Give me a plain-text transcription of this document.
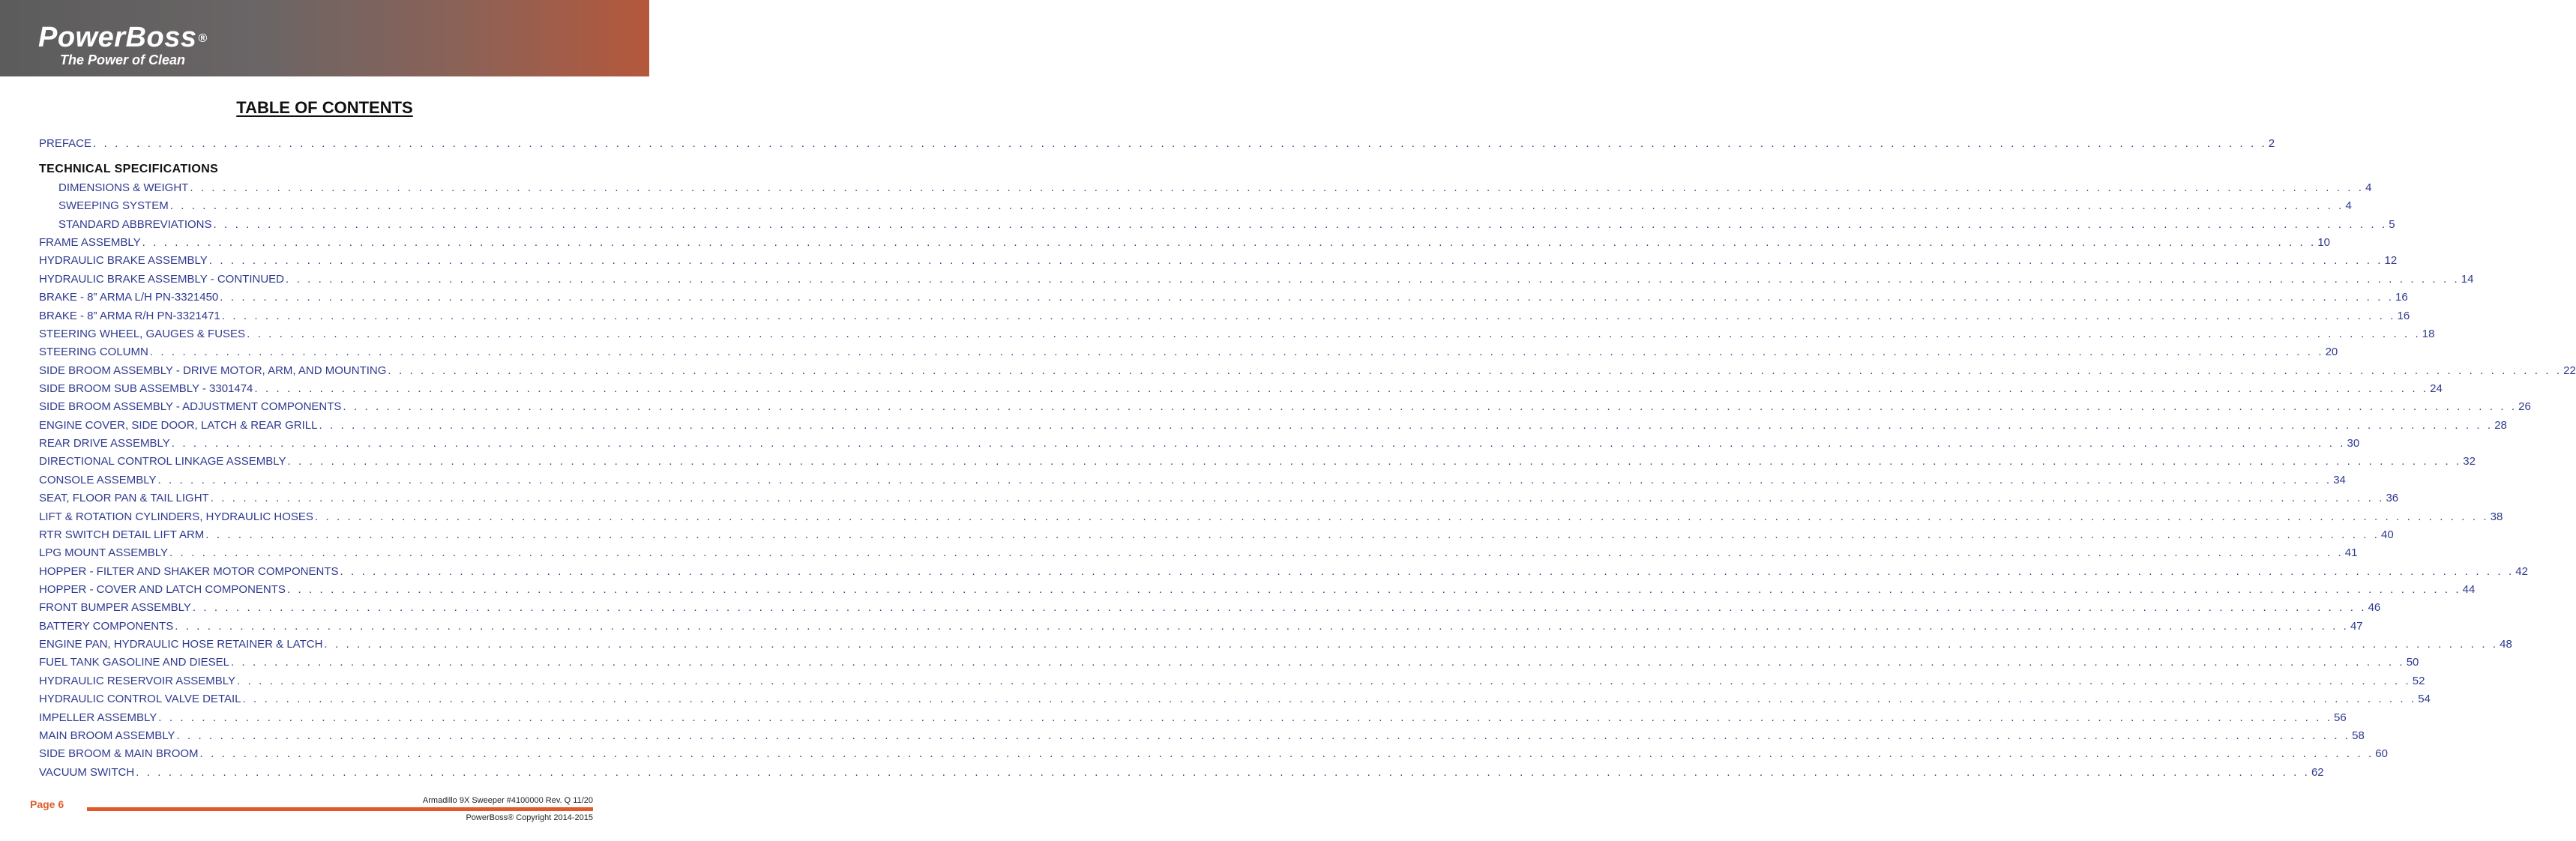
PowerBoss ®
The Power of Clean
TABLE OF CONTENTS
TECHNICAL SPECIFICATIONS
PREFACE . . . . . . . . . . . . . . . . . . . . . . . . . . . . . . . . . . . . . . . . . . . . . . . . . . . . . . . . . . . . . . . . . . . . . . . . . . . . . . . . . . . . . . . . . . . . . . . . . . . . . . . . . . . . . . . . . . . . . . . . . . . . . . . . . . . . . . . . . . . . . . . . . . . . . . . . . . . . . . . . . . . . . . . . . . . . . . . . . . . . . . . . . . . . . . . . . . . . . . . . 2
DIMENSIONS & WEIGHT . . . . . . . . . . . . . . . . . . . . . . . . . . . . . . . . . . . . . . . . . . . . . . . . . . . . . . . . . . . . . . . . . . . . . . . . . . . . . . . . . . . . . . . . . . . . . . . . . . . . . . . . . . . . . . . . . . . . . . . . . . . . . . . . . . . . . . . . . . . . . . . . . . . . . . . . . . . . . . . . . . . . . . . . . . . . . . . . . . . . . . . . . . . . . . . . . . . . . . . . 4
SWEEPING SYSTEM . . . . . . . . . . . . . . . . . . . . . . . . . . . . . . . . . . . . . . . . . . . . . . . . . . . . . . . . . . . . . . . . . . . . . . . . . . . . . . . . . . . . . . . . . . . . . . . . . . . . . . . . . . . . . . . . . . . . . . . . . . . . . . . . . . . . . . . . . . . . . . . . . . . . . . . . . . . . . . . . . . . . . . . . . . . . . . . . . . . . . . . . . . . . . . . . . . . . . . . . 4
STANDARD ABBREVIATIONS . . . . . . . . . . . . . . . . . . . . . . . . . . . . . . . . . . . . . . . . . . . . . . . . . . . . . . . . . . . . . . . . . . . . . . . . . . . . . . . . . . . . . . . . . . . . . . . . . . . . . . . . . . . . . . . . . . . . . . . . . . . . . . . . . . . . . . . . . . . . . . . . . . . . . . . . . . . . . . . . . . . . . . . . . . . . . . . . . . . . . . . . . . . . . . . . . . . . . . . . 5
FRAME ASSEMBLY . . . . . . . . . . . . . . . . . . . . . . . . . . . . . . . . . . . . . . . . . . . . . . . . . . . . . . . . . . . . . . . . . . . . . . . . . . . . . . . . . . . . . . . . . . . . . . . . . . . . . . . . . . . . . . . . . . . . . . . . . . . . . . . . . . . . . . . . . . . . . . . . . . . . . . . . . . . . . . . . . . . . . . . . . . . . . . . . . . . . . . . . . . . . . . . . . . . . . . . . 10
HYDRAULIC BRAKE ASSEMBLY . . . . . . . . . . . . . . . . . . . . . . . . . . . . . . . . . . . . . . . . . . . . . . . . . . . . . . . . . . . . . . . . . . . . . . . . . . . . . . . . . . . . . . . . . . . . . . . . . . . . . . . . . . . . . . . . . . . . . . . . . . . . . . . . . . . . . . . . . . . . . . . . . . . . . . . . . . . . . . . . . . . . . . . . . . . . . . . . . . . . . . . . . . . . . . . . . . . . . . . . 12
HYDRAULIC BRAKE ASSEMBLY - CONTINUED . . . . . . . . . . . . . . . . . . . . . . . . . . . . . . . . . . . . . . . . . . . . . . . . . . . . . . . . . . . . . . . . . . . . . . . . . . . . . . . . . . . . . . . . . . . . . . . . . . . . . . . . . . . . . . . . . . . . . . . . . . . . . . . . . . . . . . . . . . . . . . . . . . . . . . . . . . . . . . . . . . . . . . . . . . . . . . . . . . . . . . . . . . . . . . . . . . . . . . . . 14
BRAKE - 8” ARMA L/H PN-3321450 . . . . . . . . . . . . . . . . . . . . . . . . . . . . . . . . . . . . . . . . . . . . . . . . . . . . . . . . . . . . . . . . . . . . . . . . . . . . . . . . . . . . . . . . . . . . . . . . . . . . . . . . . . . . . . . . . . . . . . . . . . . . . . . . . . . . . . . . . . . . . . . . . . . . . . . . . . . . . . . . . . . . . . . . . . . . . . . . . . . . . . . . . . . . . . . . . . . . . . . . 16
BRAKE - 8” ARMA R/H PN-3321471 . . . . . . . . . . . . . . . . . . . . . . . . . . . . . . . . . . . . . . . . . . . . . . . . . . . . . . . . . . . . . . . . . . . . . . . . . . . . . . . . . . . . . . . . . . . . . . . . . . . . . . . . . . . . . . . . . . . . . . . . . . . . . . . . . . . . . . . . . . . . . . . . . . . . . . . . . . . . . . . . . . . . . . . . . . . . . . . . . . . . . . . . . . . . . . . . . . . . . . . . 16
STEERING WHEEL, GAUGES & FUSES . . . . . . . . . . . . . . . . . . . . . . . . . . . . . . . . . . . . . . . . . . . . . . . . . . . . . . . . . . . . . . . . . . . . . . . . . . . . . . . . . . . . . . . . . . . . . . . . . . . . . . . . . . . . . . . . . . . . . . . . . . . . . . . . . . . . . . . . . . . . . . . . . . . . . . . . . . . . . . . . . . . . . . . . . . . . . . . . . . . . . . . . . . . . . . . . . . . . . . . . 18
STEERING COLUMN . . . . . . . . . . . . . . . . . . . . . . . . . . . . . . . . . . . . . . . . . . . . . . . . . . . . . . . . . . . . . . . . . . . . . . . . . . . . . . . . . . . . . . . . . . . . . . . . . . . . . . . . . . . . . . . . . . . . . . . . . . . . . . . . . . . . . . . . . . . . . . . . . . . . . . . . . . . . . . . . . . . . . . . . . . . . . . . . . . . . . . . . . . . . . . . . . . . . . . . . 20
SIDE BROOM ASSEMBLY - DRIVE MOTOR, ARM, AND MOUNTING . . . . . . . . . . . . . . . . . . . . . . . . . . . . . . . . . . . . . . . . . . . . . . . . . . . . . . . . . . . . . . . . . . . . . . . . . . . . . . . . . . . . . . . . . . . . . . . . . . . . . . . . . . . . . . . . . . . . . . . . . . . . . . . . . . . . . . . . . . . . . . . . . . . . . . . . . . . . . . . . . . . . . . . . . . . . . . . . . . . . . . . . . . . . . . . . . . . . . . . . 22
SIDE BROOM SUB ASSEMBLY - 3301474 . . . . . . . . . . . . . . . . . . . . . . . . . . . . . . . . . . . . . . . . . . . . . . . . . . . . . . . . . . . . . . . . . . . . . . . . . . . . . . . . . . . . . . . . . . . . . . . . . . . . . . . . . . . . . . . . . . . . . . . . . . . . . . . . . . . . . . . . . . . . . . . . . . . . . . . . . . . . . . . . . . . . . . . . . . . . . . . . . . . . . . . . . . . . . . . . . . . . . . . . 24
SIDE BROOM ASSEMBLY - ADJUSTMENT COMPONENTS . . . . . . . . . . . . . . . . . . . . . . . . . . . . . . . . . . . . . . . . . . . . . . . . . . . . . . . . . . . . . . . . . . . . . . . . . . . . . . . . . . . . . . . . . . . . . . . . . . . . . . . . . . . . . . . . . . . . . . . . . . . . . . . . . . . . . . . . . . . . . . . . . . . . . . . . . . . . . . . . . . . . . . . . . . . . . . . . . . . . . . . . . . . . . . . . . . . . . . . . 26
ENGINE COVER, SIDE DOOR, LATCH & REAR GRILL . . . . . . . . . . . . . . . . . . . . . . . . . . . . . . . . . . . . . . . . . . . . . . . . . . . . . . . . . . . . . . . . . . . . . . . . . . . . . . . . . . . . . . . . . . . . . . . . . . . . . . . . . . . . . . . . . . . . . . . . . . . . . . . . . . . . . . . . . . . . . . . . . . . . . . . . . . . . . . . . . . . . . . . . . . . . . . . . . . . . . . . . . . . . . . . . . . . . . . . . 28
REAR DRIVE ASSEMBLY . . . . . . . . . . . . . . . . . . . . . . . . . . . . . . . . . . . . . . . . . . . . . . . . . . . . . . . . . . . . . . . . . . . . . . . . . . . . . . . . . . . . . . . . . . . . . . . . . . . . . . . . . . . . . . . . . . . . . . . . . . . . . . . . . . . . . . . . . . . . . . . . . . . . . . . . . . . . . . . . . . . . . . . . . . . . . . . . . . . . . . . . . . . . . . . . . . . . . . . . 30
DIRECTIONAL CONTROL LINKAGE ASSEMBLY . . . . . . . . . . . . . . . . . . . . . . . . . . . . . . . . . . . . . . . . . . . . . . . . . . . . . . . . . . . . . . . . . . . . . . . . . . . . . . . . . . . . . . . . . . . . . . . . . . . . . . . . . . . . . . . . . . . . . . . . . . . . . . . . . . . . . . . . . . . . . . . . . . . . . . . . . . . . . . . . . . . . . . . . . . . . . . . . . . . . . . . . . . . . . . . . . . . . . . . . 32
CONSOLE ASSEMBLY . . . . . . . . . . . . . . . . . . . . . . . . . . . . . . . . . . . . . . . . . . . . . . . . . . . . . . . . . . . . . . . . . . . . . . . . . . . . . . . . . . . . . . . . . . . . . . . . . . . . . . . . . . . . . . . . . . . . . . . . . . . . . . . . . . . . . . . . . . . . . . . . . . . . . . . . . . . . . . . . . . . . . . . . . . . . . . . . . . . . . . . . . . . . . . . . . . . . . . . . 34
SEAT, FLOOR PAN & TAIL LIGHT . . . . . . . . . . . . . . . . . . . . . . . . . . . . . . . . . . . . . . . . . . . . . . . . . . . . . . . . . . . . . . . . . . . . . . . . . . . . . . . . . . . . . . . . . . . . . . . . . . . . . . . . . . . . . . . . . . . . . . . . . . . . . . . . . . . . . . . . . . . . . . . . . . . . . . . . . . . . . . . . . . . . . . . . . . . . . . . . . . . . . . . . . . . . . . . . . . . . . . . . 36
LIFT & ROTATION CYLINDERS, HYDRAULIC HOSES . . . . . . . . . . . . . . . . . . . . . . . . . . . . . . . . . . . . . . . . . . . . . . . . . . . . . . . . . . . . . . . . . . . . . . . . . . . . . . . . . . . . . . . . . . . . . . . . . . . . . . . . . . . . . . . . . . . . . . . . . . . . . . . . . . . . . . . . . . . . . . . . . . . . . . . . . . . . . . . . . . . . . . . . . . . . . . . . . . . . . . . . . . . . . . . . . . . . . . . . 38
RTR SWITCH DETAIL LIFT ARM . . . . . . . . . . . . . . . . . . . . . . . . . . . . . . . . . . . . . . . . . . . . . . . . . . . . . . . . . . . . . . . . . . . . . . . . . . . . . . . . . . . . . . . . . . . . . . . . . . . . . . . . . . . . . . . . . . . . . . . . . . . . . . . . . . . . . . . . . . . . . . . . . . . . . . . . . . . . . . . . . . . . . . . . . . . . . . . . . . . . . . . . . . . . . . . . . . . . . . . . 40
LPG MOUNT ASSEMBLY . . . . . . . . . . . . . . . . . . . . . . . . . . . . . . . . . . . . . . . . . . . . . . . . . . . . . . . . . . . . . . . . . . . . . . . . . . . . . . . . . . . . . . . . . . . . . . . . . . . . . . . . . . . . . . . . . . . . . . . . . . . . . . . . . . . . . . . . . . . . . . . . . . . . . . . . . . . . . . . . . . . . . . . . . . . . . . . . . . . . . . . . . . . . . . . . . . . . . . . . 41
HOPPER - FILTER AND SHAKER MOTOR COMPONENTS . . . . . . . . . . . . . . . . . . . . . . . . . . . . . . . . . . . . . . . . . . . . . . . . . . . . . . . . . . . . . . . . . . . . . . . . . . . . . . . . . . . . . . . . . . . . . . . . . . . . . . . . . . . . . . . . . . . . . . . . . . . . . . . . . . . . . . . . . . . . . . . . . . . . . . . . . . . . . . . . . . . . . . . . . . . . . . . . . . . . . . . . . . . . . . . . . . . . . . . . 42
HOPPER - COVER AND LATCH COMPONENTS . . . . . . . . . . . . . . . . . . . . . . . . . . . . . . . . . . . . . . . . . . . . . . . . . . . . . . . . . . . . . . . . . . . . . . . . . . . . . . . . . . . . . . . . . . . . . . . . . . . . . . . . . . . . . . . . . . . . . . . . . . . . . . . . . . . . . . . . . . . . . . . . . . . . . . . . . . . . . . . . . . . . . . . . . . . . . . . . . . . . . . . . . . . . . . . . . . . . . . . . 44
FRONT BUMPER ASSEMBLY . . . . . . . . . . . . . . . . . . . . . . . . . . . . . . . . . . . . . . . . . . . . . . . . . . . . . . . . . . . . . . . . . . . . . . . . . . . . . . . . . . . . . . . . . . . . . . . . . . . . . . . . . . . . . . . . . . . . . . . . . . . . . . . . . . . . . . . . . . . . . . . . . . . . . . . . . . . . . . . . . . . . . . . . . . . . . . . . . . . . . . . . . . . . . . . . . . . . . . . . 46
BATTERY COMPONENTS . . . . . . . . . . . . . . . . . . . . . . . . . . . . . . . . . . . . . . . . . . . . . . . . . . . . . . . . . . . . . . . . . . . . . . . . . . . . . . . . . . . . . . . . . . . . . . . . . . . . . . . . . . . . . . . . . . . . . . . . . . . . . . . . . . . . . . . . . . . . . . . . . . . . . . . . . . . . . . . . . . . . . . . . . . . . . . . . . . . . . . . . . . . . . . . . . . . . . . . . 47
ENGINE PAN, HYDRAULIC HOSE RETAINER & LATCH . . . . . . . . . . . . . . . . . . . . . . . . . . . . . . . . . . . . . . . . . . . . . . . . . . . . . . . . . . . . . . . . . . . . . . . . . . . . . . . . . . . . . . . . . . . . . . . . . . . . . . . . . . . . . . . . . . . . . . . . . . . . . . . . . . . . . . . . . . . . . . . . . . . . . . . . . . . . . . . . . . . . . . . . . . . . . . . . . . . . . . . . . . . . . . . . . . . . . . . . 48
FUEL TANK GASOLINE AND DIESEL . . . . . . . . . . . . . . . . . . . . . . . . . . . . . . . . . . . . . . . . . . . . . . . . . . . . . . . . . . . . . . . . . . . . . . . . . . . . . . . . . . . . . . . . . . . . . . . . . . . . . . . . . . . . . . . . . . . . . . . . . . . . . . . . . . . . . . . . . . . . . . . . . . . . . . . . . . . . . . . . . . . . . . . . . . . . . . . . . . . . . . . . . . . . . . . . . . . . . . . . 50
HYDRAULIC RESERVOIR ASSEMBLY . . . . . . . . . . . . . . . . . . . . . . . . . . . . . . . . . . . . . . . . . . . . . . . . . . . . . . . . . . . . . . . . . . . . . . . . . . . . . . . . . . . . . . . . . . . . . . . . . . . . . . . . . . . . . . . . . . . . . . . . . . . . . . . . . . . . . . . . . . . . . . . . . . . . . . . . . . . . . . . . . . . . . . . . . . . . . . . . . . . . . . . . . . . . . . . . . . . . . . . . 52
HYDRAULIC CONTROL VALVE DETAIL . . . . . . . . . . . . . . . . . . . . . . . . . . . . . . . . . . . . . . . . . . . . . . . . . . . . . . . . . . . . . . . . . . . . . . . . . . . . . . . . . . . . . . . . . . . . . . . . . . . . . . . . . . . . . . . . . . . . . . . . . . . . . . . . . . . . . . . . . . . . . . . . . . . . . . . . . . . . . . . . . . . . . . . . . . . . . . . . . . . . . . . . . . . . . . . . . . . . . . . . 54
IMPELLER ASSEMBLY . . . . . . . . . . . . . . . . . . . . . . . . . . . . . . . . . . . . . . . . . . . . . . . . . . . . . . . . . . . . . . . . . . . . . . . . . . . . . . . . . . . . . . . . . . . . . . . . . . . . . . . . . . . . . . . . . . . . . . . . . . . . . . . . . . . . . . . . . . . . . . . . . . . . . . . . . . . . . . . . . . . . . . . . . . . . . . . . . . . . . . . . . . . . . . . . . . . . . . . . 56
MAIN BROOM ASSEMBLY . . . . . . . . . . . . . . . . . . . . . . . . . . . . . . . . . . . . . . . . . . . . . . . . . . . . . . . . . . . . . . . . . . . . . . . . . . . . . . . . . . . . . . . . . . . . . . . . . . . . . . . . . . . . . . . . . . . . . . . . . . . . . . . . . . . . . . . . . . . . . . . . . . . . . . . . . . . . . . . . . . . . . . . . . . . . . . . . . . . . . . . . . . . . . . . . . . . . . . . . 58
SIDE BROOM & MAIN BROOM . . . . . . . . . . . . . . . . . . . . . . . . . . . . . . . . . . . . . . . . . . . . . . . . . . . . . . . . . . . . . . . . . . . . . . . . . . . . . . . . . . . . . . . . . . . . . . . . . . . . . . . . . . . . . . . . . . . . . . . . . . . . . . . . . . . . . . . . . . . . . . . . . . . . . . . . . . . . . . . . . . . . . . . . . . . . . . . . . . . . . . . . . . . . . . . . . . . . . . . . 60
VACUUM SWITCH . . . . . . . . . . . . . . . . . . . . . . . . . . . . . . . . . . . . . . . . . . . . . . . . . . . . . . . . . . . . . . . . . . . . . . . . . . . . . . . . . . . . . . . . . . . . . . . . . . . . . . . . . . . . . . . . . . . . . . . . . . . . . . . . . . . . . . . . . . . . . . . . . . . . . . . . . . . . . . . . . . . . . . . . . . . . . . . . . . . . . . . . . . . . . . . . . . . . . . . . 62
Page 6	Armadillo 9X Sweeper #4100000 Rev. Q 11/20
PowerBoss® Copyright 2014-2015
